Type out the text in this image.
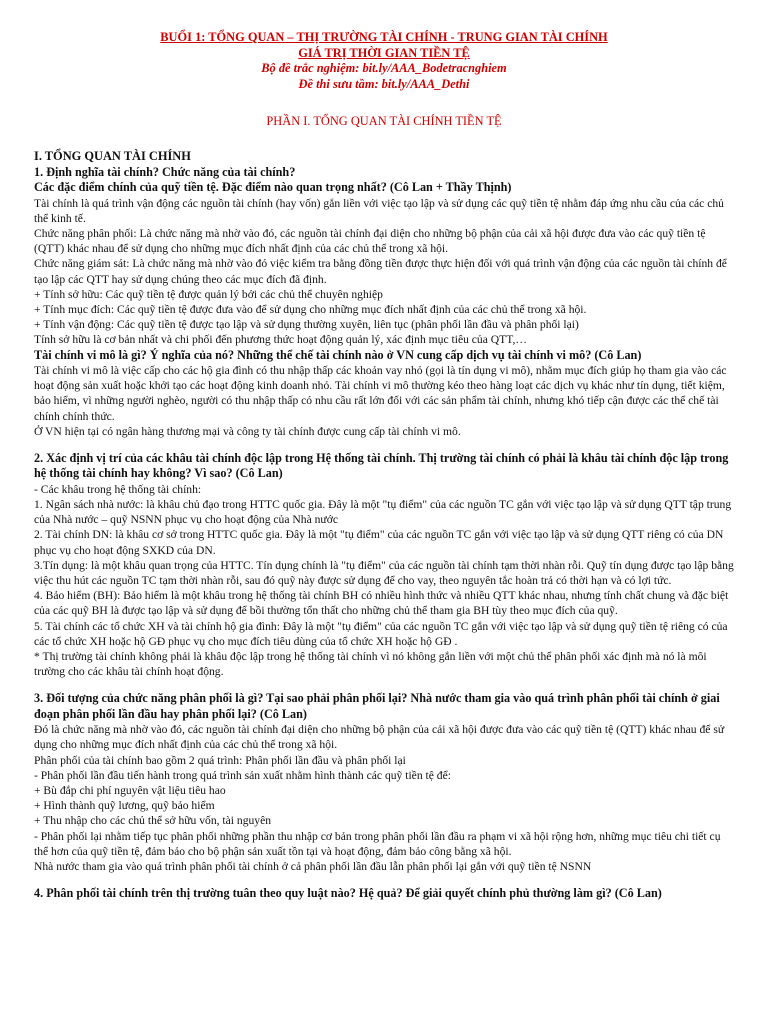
BUỔI 1: TỔNG QUAN – THỊ TRƯỜNG TÀI CHÍNH - TRUNG GIAN TÀI CHÍNH
GIÁ TRỊ THỜI GIAN TIỀN TỆ
Bộ đề trắc nghiệm: bit.ly/AAA_Bodetracnghiem
Đề thi sưu tầm: bit.ly/AAA_Dethi
PHẦN I. TỔNG QUAN TÀI CHÍNH TIỀN TỆ
I. TỔNG QUAN TÀI CHÍNH

1. Định nghĩa tài chính? Chức năng của tài chính?

Các đặc điểm chính của quỹ tiền tệ. Đặc điểm nào quan trọng nhất? (Cô Lan + Thầy Thịnh)

Tài chính là quá trình vận động các nguồn tài chính (hay vốn) gắn liền với việc tạo lập và sử dụng các quỹ tiền tệ nhằm đáp ứng nhu cầu của các chủ thể kinh tế.

Chức năng phân phối: Là chức năng mà nhờ vào đó, các nguồn tài chính đại diện cho những bộ phận của cải xã hội được đưa vào các quỹ tiền tệ (QTT) khác nhau để sử dụng cho những mục đích nhất định của các chủ thể trong xã hội.

Chức năng giám sát: Là chức năng mà nhờ vào đó việc kiểm tra bằng đồng tiền được thực hiện đối với quá trình vận động của các nguồn tài chính để tạo lập các QTT hay sử dụng chúng theo các mục đích đã định.

+ Tính sở hữu: Các quỹ tiền tệ được quản lý bởi các chủ thể chuyên nghiệp

+ Tính mục đích: Các quỹ tiền tệ được đưa vào để sử dụng cho những mục đích nhất định của các chủ thể trong xã hội.

+ Tính vận động: Các quỹ tiền tệ được tạo lập và sử dụng thường xuyên, liên tục (phân phối lần đầu và phân phối lại)

Tính sở hữu là cơ bản nhất và chi phối đến phương thức hoạt động quản lý, xác định mục tiêu của QTT,…

Tài chính vi mô là gì? Ý nghĩa của nó? Những thể chế tài chính nào ở VN cung cấp dịch vụ tài chính vi mô? (Cô Lan)

Tài chính vi mô là việc cấp cho các hộ gia đình có thu nhập thấp các khoản vay nhỏ (gọi là tín dụng vi mô), nhằm mục đích giúp họ tham gia vào các hoạt động sản xuất hoặc khởi tạo các hoạt động kinh doanh nhỏ. Tài chính vi mô thường kéo theo hàng loạt các dịch vụ khác như tín dụng, tiết kiệm, bảo hiểm, vì những người nghèo, người có thu nhập thấp có nhu cầu rất lớn đối với các sản phẩm tài chính, nhưng khó tiếp cận được các thể chế tài chính chính thức.

Ở VN hiện tại có ngân hàng thương mại và công ty tài chính được cung cấp tài chính vi mô.

2. Xác định vị trí của các khâu tài chính độc lập trong Hệ thống tài chính. Thị trường tài chính có phải là khâu tài chính độc lập trong hệ thống tài chính hay không? Vì sao? (Cô Lan)

- Các khâu trong hệ thống tài chính:

1. Ngân sách nhà nước: là khâu chủ đạo trong HTTC quốc gia. Đây là một "tụ điểm" của các nguồn TC gắn với việc tạo lập và sử dụng QTT tập trung của Nhà nước – quỹ NSNN phục vụ cho hoạt động của Nhà nước

2. Tài chính DN: là khâu cơ sở trong HTTC quốc gia. Đây là một "tụ điểm" của các nguồn TC gắn với việc tạo lập và sử dụng QTT riêng có của DN phục vụ cho hoạt động SXKD của DN.

3.Tín dụng: là một khâu quan trọng của HTTC. Tín dụng chính là "tụ điểm" của các nguồn tài chính tạm thời nhàn rỗi. Quỹ tín dụng được tạo lập bằng việc thu hút các nguồn TC tạm thời nhàn rỗi, sau đó quỹ này được sử dụng để cho vay, theo nguyên tắc hoàn trả có thời hạn và có lợi tức.

4. Bảo hiểm (BH): Bảo hiểm là một khâu trong hệ thống tài chính BH có nhiều hình thức và nhiều QTT khác nhau, nhưng tính chất chung và đặc biệt của các quỹ BH là được tạo lập và sử dụng để bồi thường tổn thất cho những chủ thể tham gia BH tùy theo mục đích của quỹ.

5. Tài chính các tổ chức XH và tài chính hộ gia đình: Đây là một "tụ điểm" của các nguồn TC gắn với việc tạo lập và sử dụng quỹ tiền tệ riêng có của các tổ chức XH hoặc hộ GĐ phục vụ cho mục đích tiêu dùng của tổ chức XH hoặc hộ GĐ .

* Thị trường tài chính không phải là khâu độc lập trong hệ thống tài chính vì nó không gắn liền với một chủ thể phân phối xác định mà nó là môi trường cho các khâu tài chính hoạt động.

3. Đối tượng của chức năng phân phối là gì? Tại sao phải phân phối lại? Nhà nước tham gia vào quá trình phân phối tài chính ở giai đoạn phân phối lần đầu hay phân phối lại? (Cô Lan)

Đó là chức năng mà nhờ vào đó, các nguồn tài chính đại diện cho những bộ phận của cải xã hội được đưa vào các quỹ tiền tệ (QTT) khác nhau để sử dụng cho những mục đích nhất định của các chủ thể trong xã hội.

Phân phối của tài chính bao gồm 2 quá trình: Phân phối lần đầu và phân phối lại

- Phân phối lần đầu tiến hành trong quá trình sản xuất nhằm hình thành các quỹ tiền tệ để:

+ Bù đắp chi phí nguyên vật liệu tiêu hao

+ Hình thành quỹ lương, quỹ bảo hiểm

+ Thu nhập cho các chủ thể sở hữu vốn, tài nguyên

- Phân phối lại nhằm tiếp tục phân phối những phần thu nhập cơ bản trong phân phối lần đầu ra phạm vi xã hội rộng hơn, những mục tiêu chi tiết cụ thể hơn của quỹ tiền tệ, đảm bảo cho bộ phận sản xuất tồn tại và hoạt động, đảm bảo công bằng xã hội.

Nhà nước tham gia vào quá trình phân phối tài chính ở cả phân phối lần đầu lẫn phân phối lại gắn với quỹ tiền tệ NSNN

4. Phân phối tài chính trên thị trường tuân theo quy luật nào? Hệ quả? Để giải quyết chính phủ thường làm gì? (Cô Lan)
